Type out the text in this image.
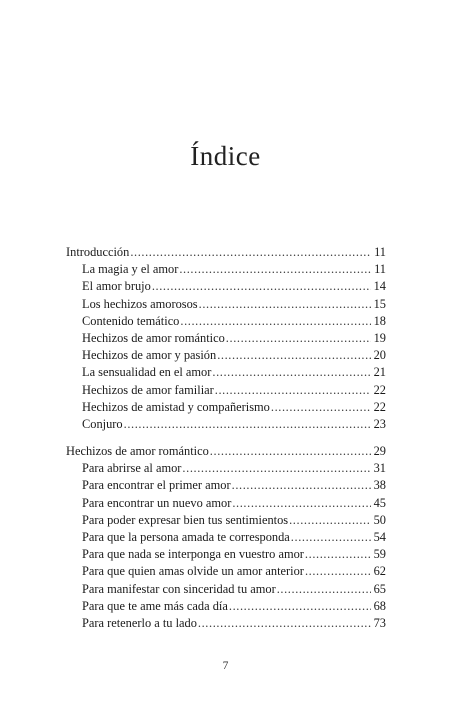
Índice
Introducción .....	11
La magia y el amor .....	11
El amor brujo .....	14
Los hechizos amorosos .....	15
Contenido temático .....	18
Hechizos de amor romántico .....	19
Hechizos de amor y pasión .....	20
La sensualidad en el amor .....	21
Hechizos de amor familiar .....	22
Hechizos de amistad y compañerismo .....	22
Conjuro .....	23
Hechizos de amor romántico .....	29
Para abrirse al amor .....	31
Para encontrar el primer amor .....	38
Para encontrar un nuevo amor .....	45
Para poder expresar bien tus sentimientos .....	50
Para que la persona amada te corresponda .....	54
Para que nada se interponga en vuestro amor .....	59
Para que quien amas olvide un amor anterior .....	62
Para manifestar con sinceridad tu amor .....	65
Para que te ame más cada día .....	68
Para retenerlo a tu lado .....	73
7
